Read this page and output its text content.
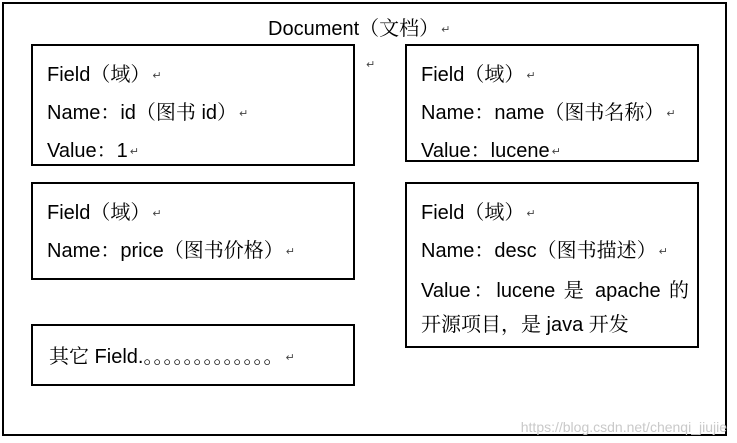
Document（文档） ↵
↵
Field（域） ↵
Name：id（图书 id） ↵
Value：1 ↵
Field（域） ↵
Name：name（图书名称） ↵
Value：lucene ↵
Field（域） ↵
Name：price（图书价格） ↵
Field（域） ↵
Name：desc（图书描述） ↵
Value：lucene 是 apache 的开源项目，是 java 开发
其它 Field.。。。。。。。。。。。。。 ↵
https://blog.csdn.net/chenqi_jiujie
